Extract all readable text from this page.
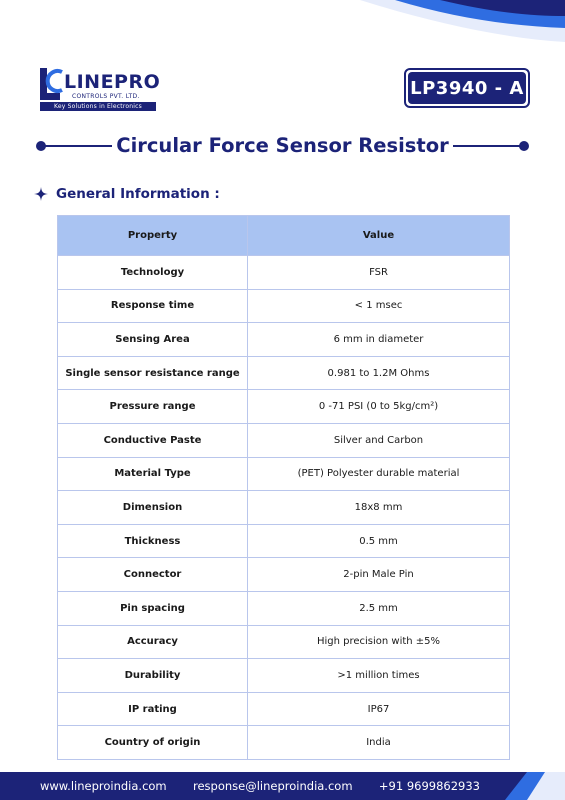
LINEPRO
CONTROLS PVT. LTD.
Key Solutions in Electronics
LP3940 - A
Circular Force Sensor Resistor
General Information :
Property	Value
Technology	FSR
Response time	< 1 msec
Sensing Area	6 mm in diameter
Single sensor resistance range	0.981 to 1.2M Ohms
Pressure range	0 -71 PSI (0 to 5kg/cm²)
Conductive Paste	Silver and Carbon
Material Type	(PET) Polyester durable material
Dimension	18x8 mm
Thickness	0.5 mm
Connector	2-pin Male Pin
Pin spacing	2.5 mm
Accuracy	High precision with ±5%
Durability	>1 million times
IP rating	IP67
Country of origin	India
www.lineproindia.com response@lineproindia.com +91 9699862933
